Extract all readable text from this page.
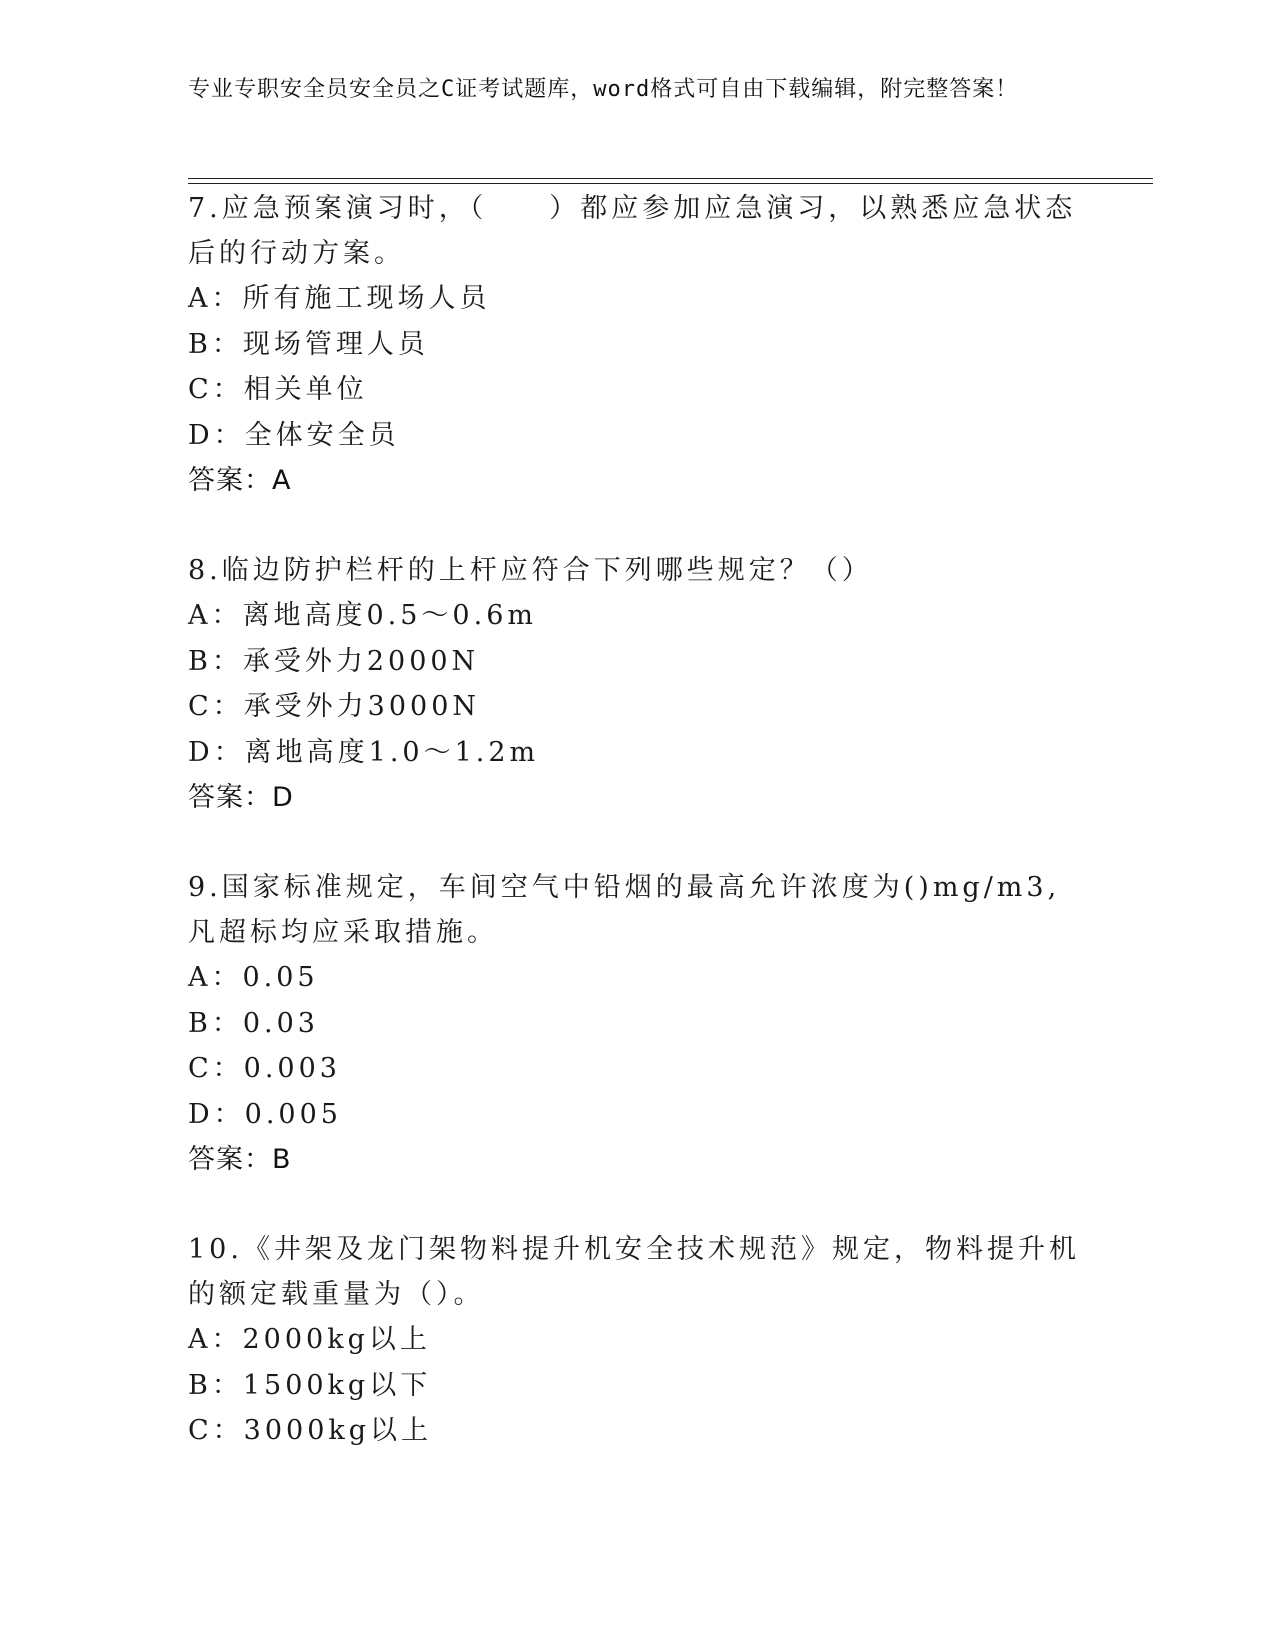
专业专职安全员安全员之C证考试题库，word格式可自由下载编辑，附完整答案！

7.应急预案演习时，（　　）都应参加应急演习，以熟悉应急状态后的行动方案。

A：所有施工现场人员

B：现场管理人员

C：相关单位

D：全体安全员

答案：A

8.临边防护栏杆的上杆应符合下列哪些规定？（）

A：离地高度0.5～0.6m

B：承受外力2000N

C：承受外力3000N

D：离地高度1.0～1.2m

答案：D

9.国家标准规定，车间空气中铅烟的最高允许浓度为()mg/m3,凡超标均应采取措施。

A：0.05

B：0.03

C：0.003

D：0.005

答案：B

10.《井架及龙门架物料提升机安全技术规范》规定，物料提升机的额定载重量为（）。

A：2000kg以上

B：1500kg以下

C：3000kg以上
